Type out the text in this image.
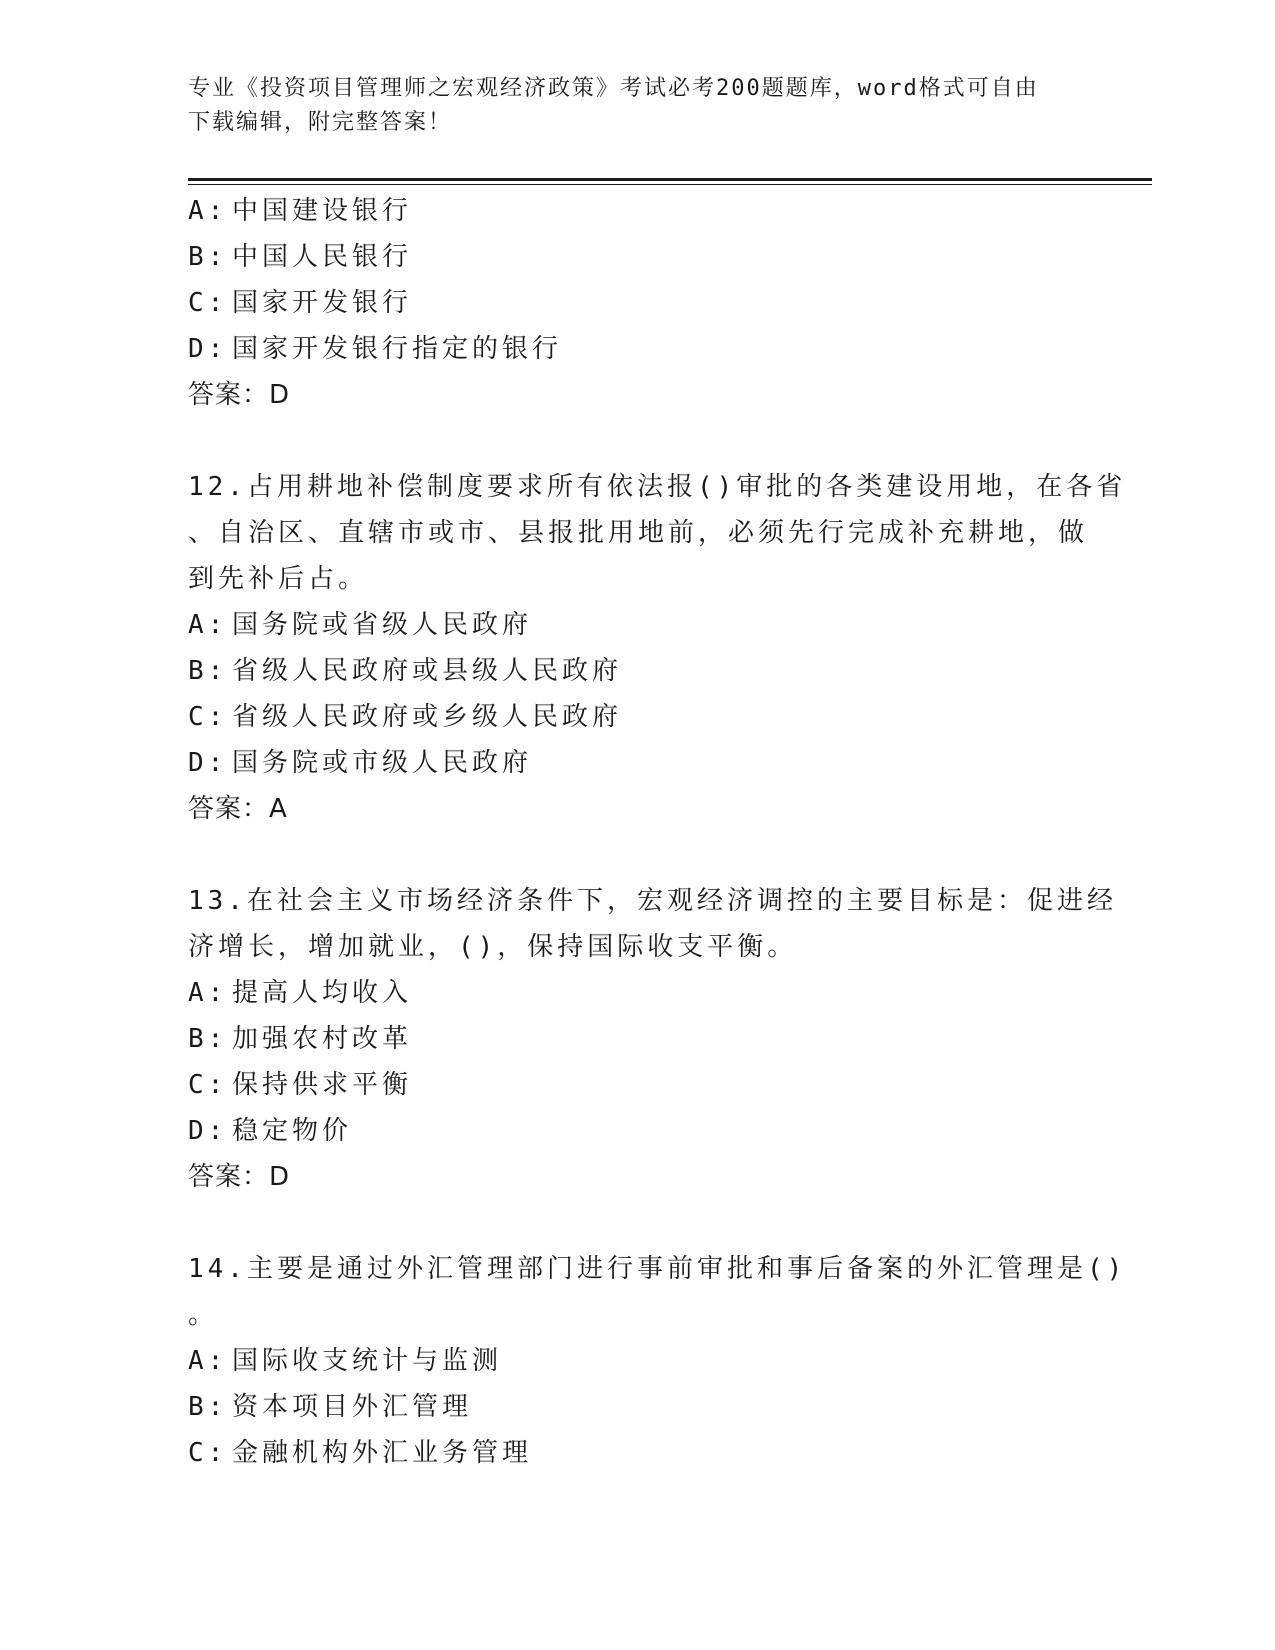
专业《投资项目管理师之宏观经济政策》考试必考200题题库，word格式可自由
下载编辑，附完整答案！
A: 中国建设银行
B: 中国人民银行
C: 国家开发银行
D: 国家开发银行指定的银行
答案：D
12.占用耕地补偿制度要求所有依法报()审批的各类建设用地，在各省
、自治区、直辖市或市、县报批用地前，必须先行完成补充耕地，做
到先补后占。
A: 国务院或省级人民政府
B: 省级人民政府或县级人民政府
C: 省级人民政府或乡级人民政府
D: 国务院或市级人民政府
答案：A
13.在社会主义市场经济条件下，宏观经济调控的主要目标是：促进经
济增长，增加就业，()，保持国际收支平衡。
A: 提高人均收入
B: 加强农村改革
C: 保持供求平衡
D: 稳定物价
答案：D
14.主要是通过外汇管理部门进行事前审批和事后备案的外汇管理是()
。
A: 国际收支统计与监测
B: 资本项目外汇管理
C: 金融机构外汇业务管理
